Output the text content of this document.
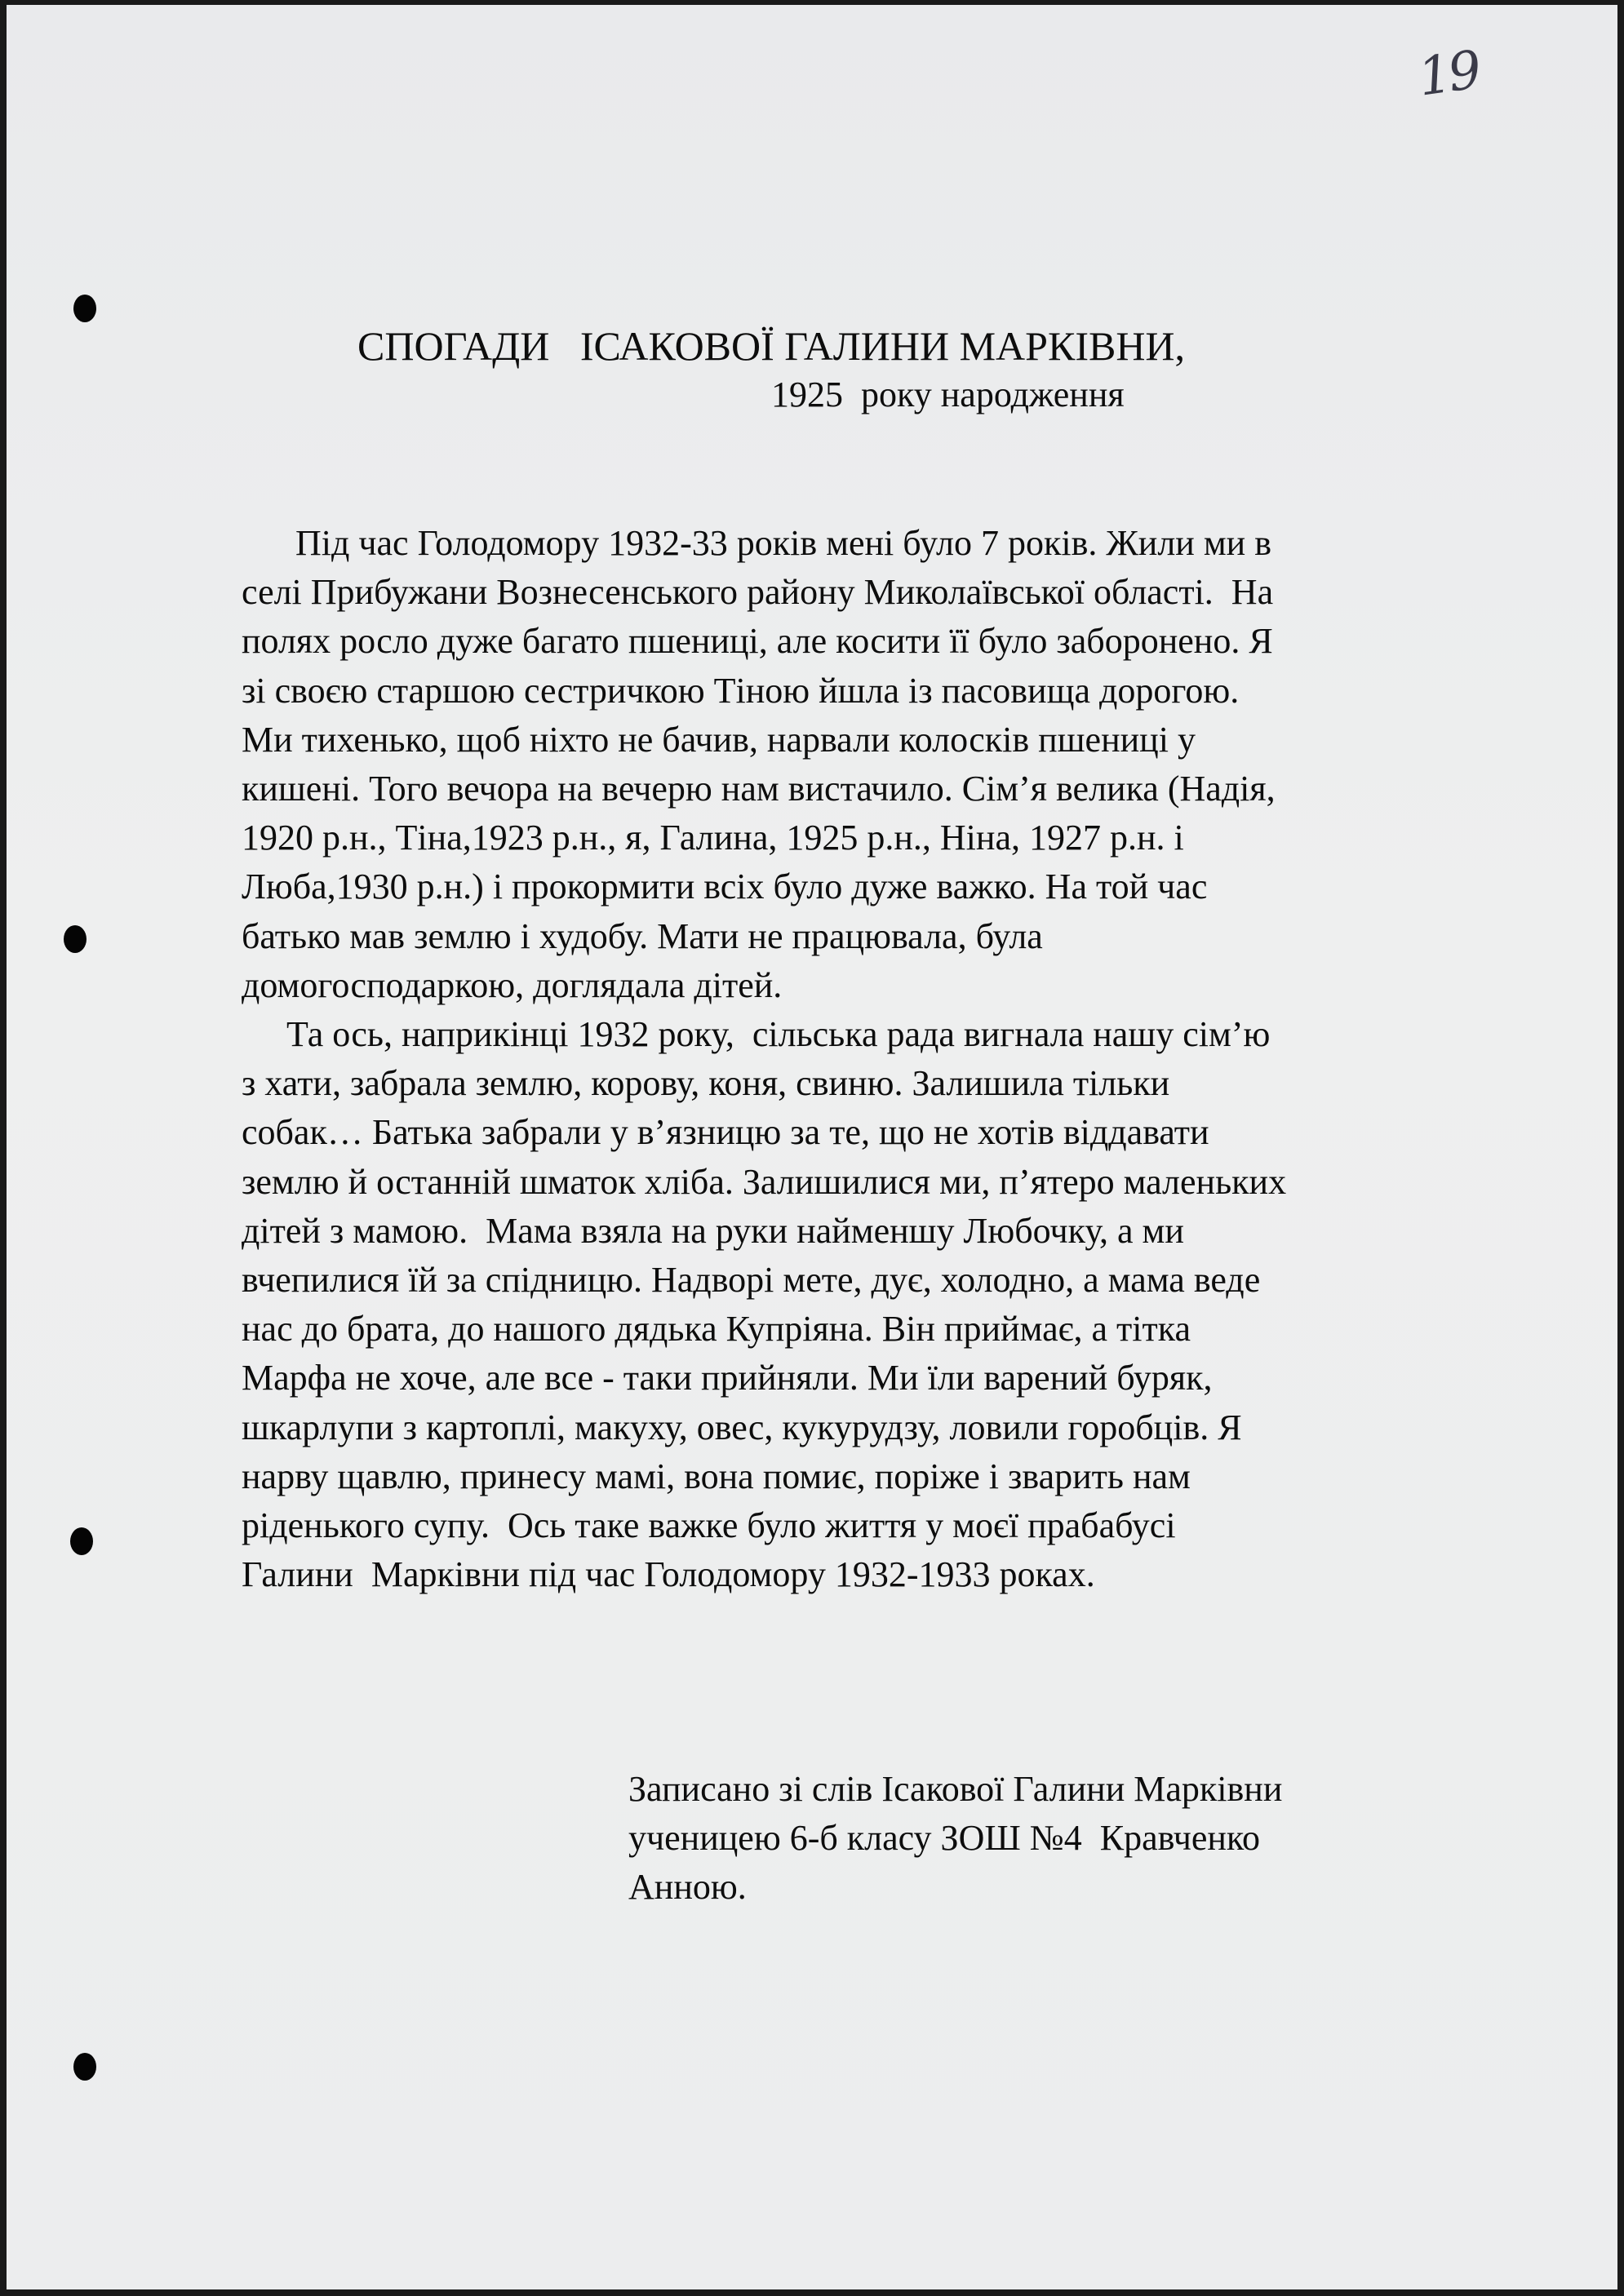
19
СПОГАДИ   ІСАКОВОЇ ГАЛИНИ МАРКІВНИ,
1925  року народження
Під час Голодомору 1932-33 років мені було 7 років. Жили ми в
селі Прибужани Вознесенського району Миколаївської області.  На
полях росло дуже багато пшениці, але косити її було заборонено. Я
зі своєю старшою сестричкою Тіною йшла із пасовища дорогою.
Ми тихенько, щоб ніхто не бачив, нарвали колосків пшениці у
кишені. Того вечора на вечерю нам вистачило. Сім’я велика (Надія,
1920 р.н., Тіна,1923 р.н., я, Галина, 1925 р.н., Ніна, 1927 р.н. і
Люба,1930 р.н.) і прокормити всіх було дуже важко. На той час
батько мав землю і худобу. Мати не працювала, була
домогосподаркою, доглядала дітей.
Та ось, наприкінці 1932 року,  сільська рада вигнала нашу сім’ю
з хати, забрала землю, корову, коня, свиню. Залишила тільки
собак… Батька забрали у в’язницю за те, що не хотів віддавати
землю й останній шматок хліба. Залишилися ми, п’ятеро маленьких
дітей з мамою.  Мама взяла на руки найменшу Любочку, а ми
вчепилися їй за спідницю. Надворі мете, дує, холодно, а мама веде
нас до брата, до нашого дядька Купріяна. Він приймає, а тітка
Марфа не хоче, але все - таки прийняли. Ми їли варений буряк,
шкарлупи з картоплі, макуху, овес, кукурудзу, ловили горобців. Я
нарву щавлю, принесу мамі, вона помиє, поріже і зварить нам
ріденького супу.  Ось таке важке було життя у моєї прабабусі
Галини  Марківни під час Голодомору 1932-1933 роках.
Записано зі слів Ісакової Галини Марківни
ученицею 6-б класу ЗОШ №4  Кравченко
Анною.
